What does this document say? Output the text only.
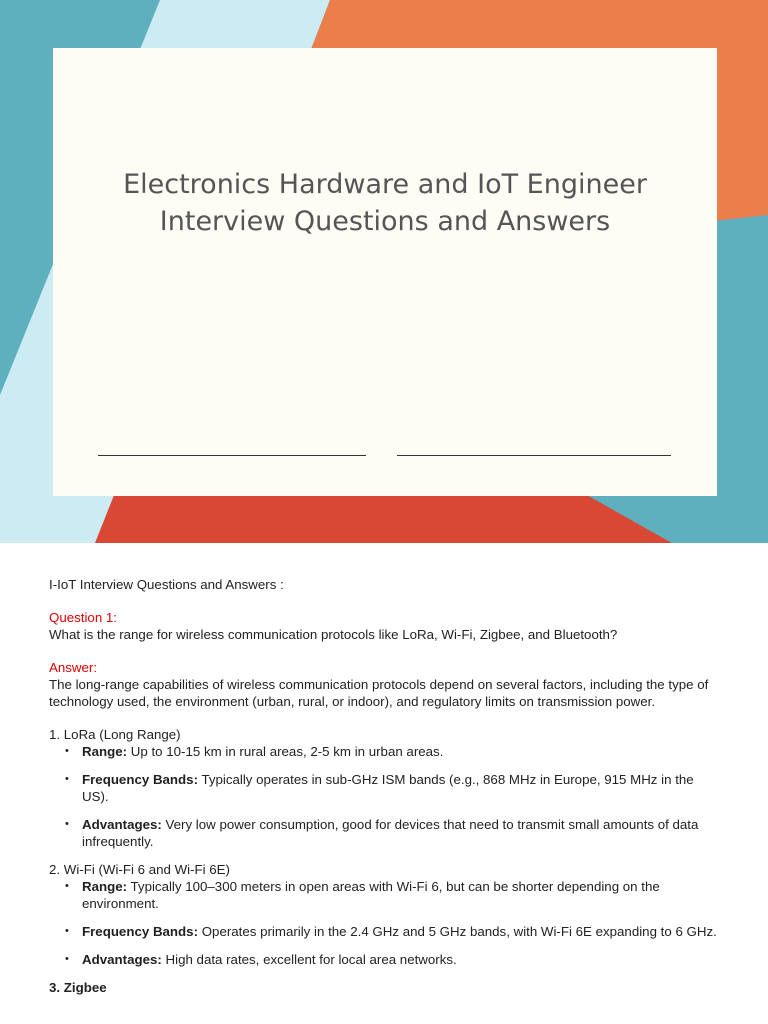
Electronics Hardware and IoT Engineer
Interview Questions and Answers

I-IoT Interview Questions and Answers :

Question 1:

What is the range for wireless communication protocols like LoRa, Wi-Fi, Zigbee, and Bluetooth?

Answer:

The long-range capabilities of wireless communication protocols depend on several factors, including the type of technology used, the environment (urban, rural, or indoor), and regulatory limits on transmission power.

1. LoRa (Long Range)

• Range: Up to 10-15 km in rural areas, 2-5 km in urban areas.
• Frequency Bands: Typically operates in sub-GHz ISM bands (e.g., 868 MHz in Europe, 915 MHz in the US).
• Advantages: Very low power consumption, good for devices that need to transmit small amounts of data infrequently.

2. Wi-Fi (Wi-Fi 6 and Wi-Fi 6E)

• Range: Typically 100–300 meters in open areas with Wi-Fi 6, but can be shorter depending on the environment.
• Frequency Bands: Operates primarily in the 2.4 GHz and 5 GHz bands, with Wi-Fi 6E expanding to 6 GHz.
• Advantages: High data rates, excellent for local area networks.

3. Zigbee
